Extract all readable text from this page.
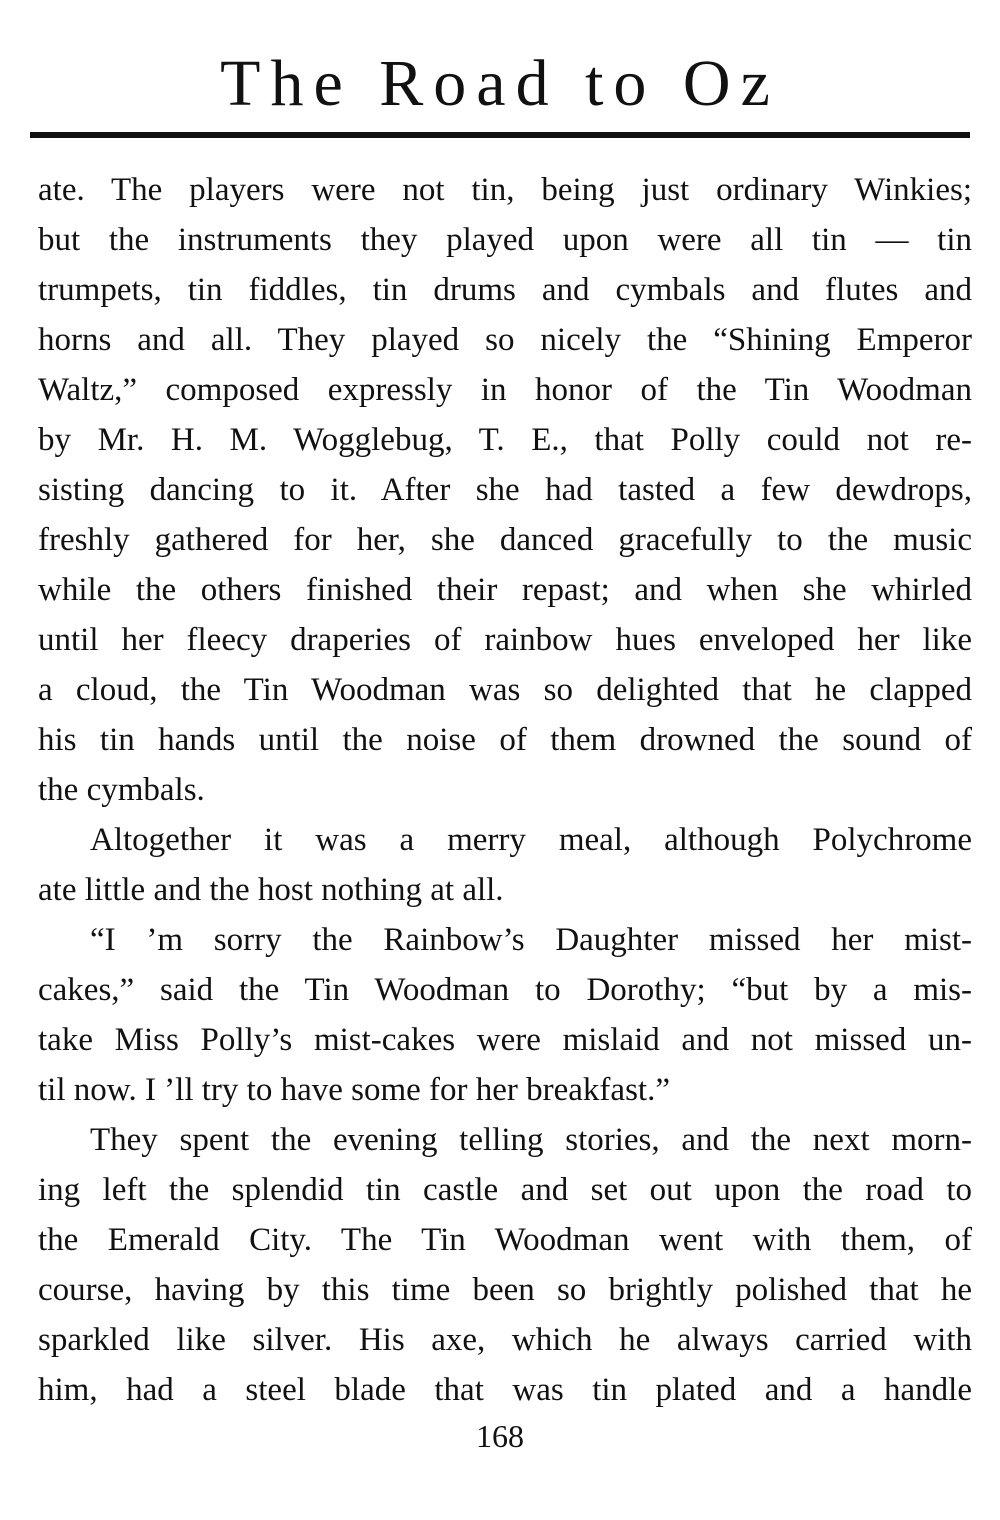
The Road to Oz
ate. The players were not tin, being just ordinary Winkies;
but the instruments they played upon were all tin — tin
trumpets, tin fiddles, tin drums and cymbals and flutes and
horns and all. They played so nicely the “Shining Emperor
Waltz,” composed expressly in honor of the Tin Woodman
by Mr. H. M. Wogglebug, T. E., that Polly could not re-
sisting dancing to it. After she had tasted a few dewdrops,
freshly gathered for her, she danced gracefully to the music
while the others finished their repast; and when she whirled
until her fleecy draperies of rainbow hues enveloped her like
a cloud, the Tin Woodman was so delighted that he clapped
his tin hands until the noise of them drowned the sound of
the cymbals.
Altogether it was a merry meal, although Polychrome
ate little and the host nothing at all.
“I ’m sorry the Rainbow’s Daughter missed her mist-
cakes,” said the Tin Woodman to Dorothy; “but by a mis-
take Miss Polly’s mist-cakes were mislaid and not missed un-
til now. I ’ll try to have some for her breakfast.”
They spent the evening telling stories, and the next morn-
ing left the splendid tin castle and set out upon the road to
the Emerald City. The Tin Woodman went with them, of
course, having by this time been so brightly polished that he
sparkled like silver. His axe, which he always carried with
him, had a steel blade that was tin plated and a handle
168
